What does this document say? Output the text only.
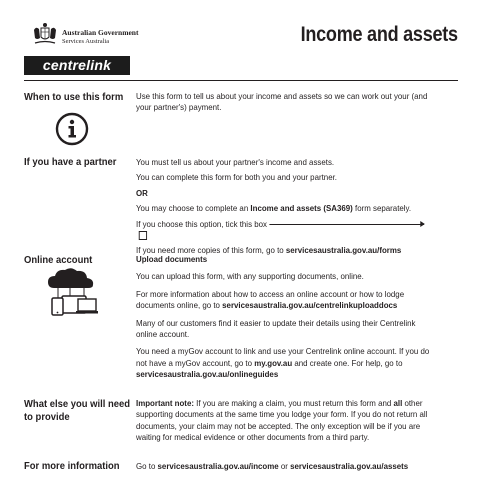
Australian Government
Services Australia
centrelink
Income and assets
When to use this form Use this form to tell us about your income and assets so we can work out your (and your partner's) payment.

If you have a partner You must tell us about your partner's income and assets.

You can complete this form for both you and your partner.

OR

You may choose to complete an Income and assets (SA369) form separately.

If you choose this option, tick this box

If you need more copies of this form, go to servicesaustralia.gov.au/forms

Online account	Upload documents

You can upload this form, with any supporting documents, online.

For more information about how to access an online account or how to lodge documents online, go to servicesaustralia.gov.au/centrelinkuploaddocs

Many of our customers find it easier to update their details using their Centrelink online account.

You need a myGov account to link and use your Centrelink online account. If you do not have a myGov account, go to my.gov.au and create one. For help, go to servicesaustralia.gov.au/onlineguides

What else you will need
to provide

Important note: If you are making a claim, you must return this form and all other supporting documents at the same time you lodge your form. If you do not return all documents, your claim may not be accepted. The only exception will be if you are waiting for medical evidence or other documents from a third party.

For more information Go to servicesaustralia.gov.au/income or servicesaustralia.gov.au/assets
